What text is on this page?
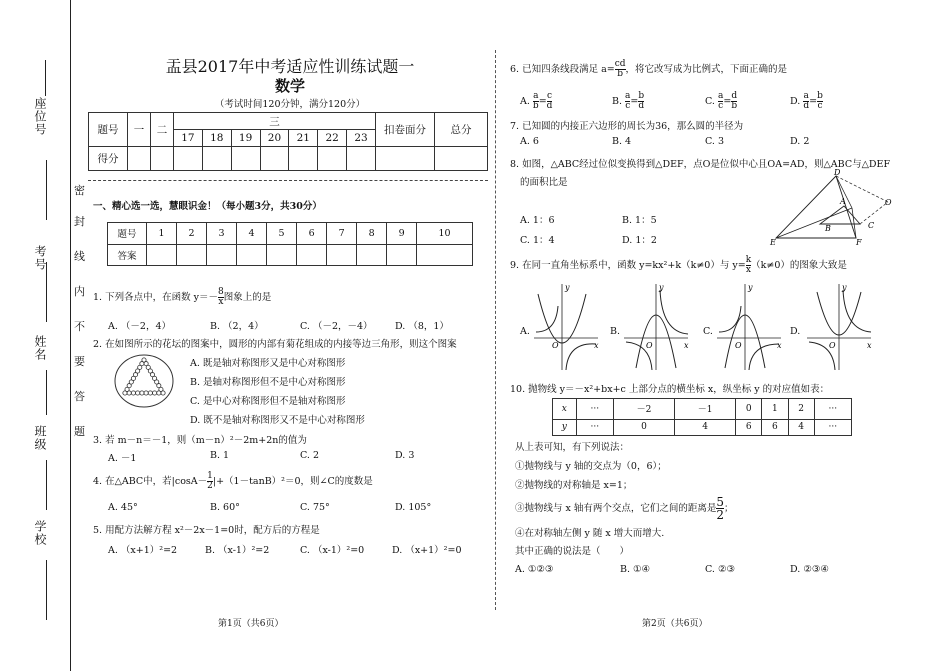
座位号
考号
姓名
班级
学校
密
封
线
内
不
要
答
题
盂县2017年中考适应性训练试题一
数学
（考试时间120分钟，满分120分）
题号	一	二	三							扣卷面分	总分
			17	18	19	20	21	22	23		
得分											
一、精心选一选，慧眼识金！（每小题3分，共30分）
题号	1	2	3	4	5	6	7	8	9	10
答案										
1. 下列各点中，在函数 $y=- \frac{8}{x}$ 图象上的是
A. （－2，4）	B. （2，4）	C. （－2，－4） D. （8，1）
2. 在如图所示的花坛的图案中，圆形的内部有菊花组成的内接等边三角形，则这个图案
A. 既是轴对称图形又是中心对称图形
B. 是轴对称图形但不是中心对称图形
C. 是中心对称图形但不是轴对称图形
D. 既不是轴对称图形又不是中心对称图形
3. 若 m－n＝－1，则（m－n）²－2m+2n的值为
A. －1	B. 1	C. 2	D. 3
4. 在△ABC中，若$|\cos A- \frac{1}{2} |+(1-\tan B)^2=0$，则∠C的度数是
A. 45°	B. 60°	C. 75°	D. 105°
5. 用配方法解方程 x²－2x－1=0时，配方后的方程是
A. （x+1）²=2	B. （x-1）²=2	C. （x-1）²=0	D. （x+1）²=0
第1页（共6页）
6. 已知四条线段满足 $a= \frac{cd}{b}$ ，将它改写成为比例式，下面正确的是
A. $\frac{a}{b} = \frac{c}{d}$	B. $\frac{a}{c} = \frac{b}{d}$	C. $\frac{a}{c} = \frac{d}{b}$	D. $\frac{a}{d} = \frac{b}{c}$
7. 已知圆的内接正六边形的周长为36，那么圆的半径为
A. 6	B. 4	C. 3	D. 2
8. 如图，△ABC经过位似变换得到△DEF，点O是位似中心且OA=AD，则△ABC与△DEF
的面积比是
D
A	O
B	C
E	F
A. 1：6	B. 1：5
C. 1：4	D. 1：2
9. 在同一直角坐标系中，函数 y=kx²+k（k≠0）与 $y= \frac{k}{x} (k\ne 0)$的图象大致是
A.	B.	C.	D.
y
x
O
y
x
O
y
x
O
y
x
O
10. 抛物线 y＝－x²+bx+c 上部分点的横坐标 x，纵坐标 y 的对应值如表：
x	···	－2	－1	0	1	2	···
y	···	0	4	6	6	4	···
从上表可知，有下列说法：
①抛物线与 y 轴的交点为（0，6）；
②抛物线的对称轴是 x=1；
③抛物线与 x 轴有两个交点，它们之间的距离是 $\frac{5}{2}$ ；
④在对称轴左侧 y 随 x 增大而增大.
其中正确的说法是（　　）
A. ①②③	B. ①④	C. ②③	D. ②③④
第2页（共6页）
